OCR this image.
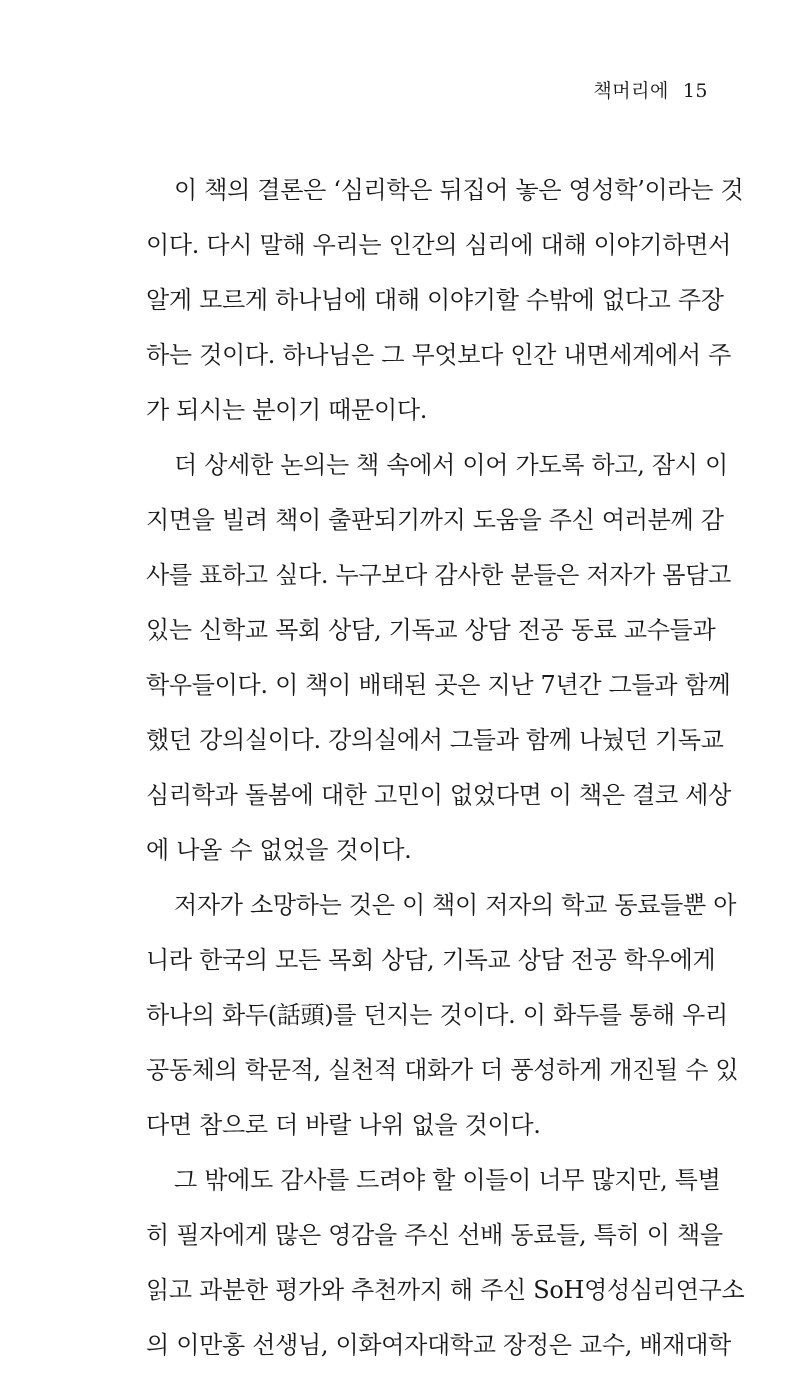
책머리에 15

이 책의 결론은 ‘심리학은 뒤집어 놓은 영성학’이라는 것
이다. 다시 말해 우리는 인간의 심리에 대해 이야기하면서
알게 모르게 하나님에 대해 이야기할 수밖에 없다고 주장
하는 것이다. 하나님은 그 무엇보다 인간 내면세계에서 주
가 되시는 분이기 때문이다.

더 상세한 논의는 책 속에서 이어 가도록 하고, 잠시 이
지면을 빌려 책이 출판되기까지 도움을 주신 여러분께 감
사를 표하고 싶다. 누구보다 감사한 분들은 저자가 몸담고
있는 신학교 목회 상담, 기독교 상담 전공 동료 교수들과
학우들이다. 이 책이 배태된 곳은 지난 7년간 그들과 함께
했던 강의실이다. 강의실에서 그들과 함께 나눴던 기독교
심리학과 돌봄에 대한 고민이 없었다면 이 책은 결코 세상
에 나올 수 없었을 것이다.

저자가 소망하는 것은 이 책이 저자의 학교 동료들뿐 아
니라 한국의 모든 목회 상담, 기독교 상담 전공 학우에게
하나의 화두(話頭)를 던지는 것이다. 이 화두를 통해 우리
공동체의 학문적, 실천적 대화가 더 풍성하게 개진될 수 있
다면 참으로 더 바랄 나위 없을 것이다.

그 밖에도 감사를 드려야 할 이들이 너무 많지만, 특별
히 필자에게 많은 영감을 주신 선배 동료들, 특히 이 책을
읽고 과분한 평가와 추천까지 해 주신 SoH영성심리연구소
의 이만홍 선생님, 이화여자대학교 장정은 교수, 배재대학
